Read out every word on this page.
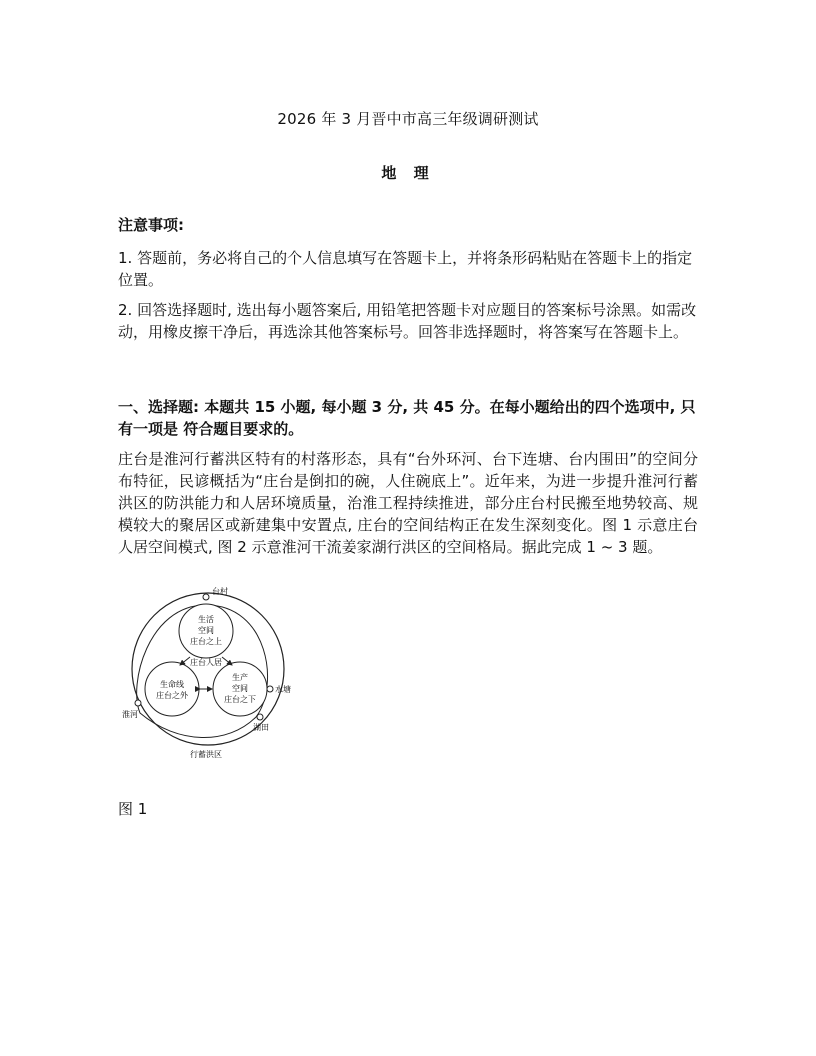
2026 年 3 月晋中市高三年级调研测试
地 理
注意事项:
1. 答题前，务必将自己的个人信息填写在答题卡上，并将条形码粘贴在答题卡上的指定位置。
2. 回答选择题时, 选出每小题答案后, 用铅笔把答题卡对应题目的答案标号涂黑。如需改动，用橡皮擦干净后，再选涂其他答案标号。回答非选择题时，将答案写在答题卡上。
一、选择题: 本题共 15 小题, 每小题 3 分, 共 45 分。在每小题给出的四个选项中, 只有一项是 符合题目要求的。
庄台是淮河行蓄洪区特有的村落形态，具有“台外环河、台下连塘、台内围田”的空间分布特征，民谚概括为“庄台是倒扣的碗，人住碗底上”。近年来，为进一步提升淮河行蓄洪区的防洪能力和人居环境质量，治淮工程持续推进，部分庄台村民搬至地势较高、规模较大的聚居区或新建集中安置点, 庄台的空间结构正在发生深刻变化。图 1 示意庄台人居空间模式, 图 2 示意淮河干流姜家湖行洪区的空间格局。据此完成 1 ~ 3 题。
台村
生活
空间
庄台之上
庄台人居
生命线
庄台之外
生产
空间
庄台之下
水塘
淮河
湖田
行蓄洪区
图 1
